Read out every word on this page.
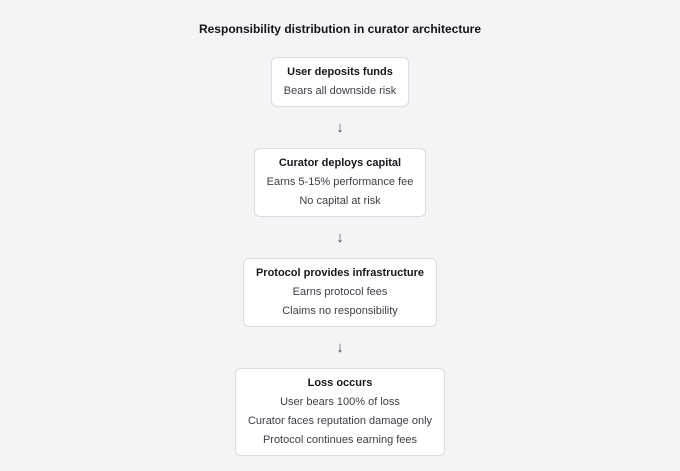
Responsibility distribution in curator architecture
User deposits funds
Bears all downside risk
↓
Curator deploys capital
Earns 5-15% performance fee
No capital at risk
↓
Protocol provides infrastructure
Earns protocol fees
Claims no responsibility
↓
Loss occurs
User bears 100% of loss
Curator faces reputation damage only
Protocol continues earning fees
